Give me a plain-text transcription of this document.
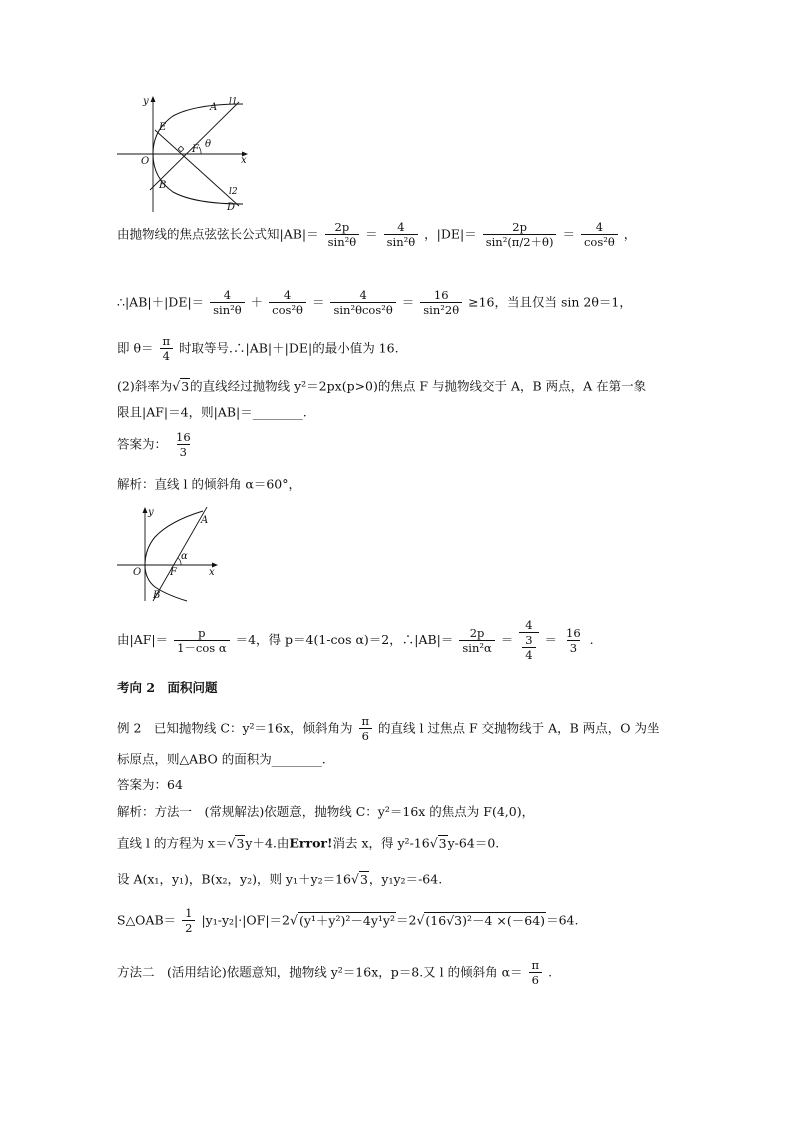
y
x
O
A l1
E
F θ
B
l2
D
由抛物线的焦点弦弦长公式知$|AB|= \frac{2p}{\text{sin²θ}} = \frac{4}{\text{sin²θ}}$ ，$|DE|= \frac{2p}{\text{sin²(π/2＋θ)}} = \frac{4}{\text{cos²θ}}$ ，
∴|AB|＋|DE|＝ $\frac{4}{\text{sin²θ}} + \frac{4}{\text{cos²θ}} = \frac{4}{\text{sin²θcos²θ}} = \frac{16}{\text{sin²2θ}} \ge 16$，当且仅当 sin 2θ＝1，
即 $\theta= \frac{\pi}{4}$ 时取等号.∴|AB|＋|DE|的最小值为 16.
(2)斜率为√3的直线经过抛物线 y²＝2px(p>0)的焦点 F 与抛物线交于 A，B 两点，A 在第一象
限且|AF|＝4，则|AB|＝________.
答案为： $\frac{16}{3}$
解析：直线 l 的倾斜角 α＝60°，
y
x
O
A
F
α
B
由$|AF|= \frac{p}{\text{1－cos α}} =4$，得 p＝4(1-cos α)＝2，∴|AB|＝ $\frac{2p}{\text{sin²α}} = \frac{4}{\frac{3}{4}} = \frac{16}{3}$ .
考向 2　面积问题
例 2　已知抛物线 C：y²＝16x，倾斜角为 $\frac{\pi}{6}$ 的直线 l 过焦点 F 交抛物线于 A，B 两点，O 为坐
标原点，则△ABO 的面积为________.
答案为：64
解析：方法一　(常规解法)依题意，抛物线 C：y²＝16x 的焦点为 F(4,0)，
直线 l 的方程为 x＝√3y＋4.由Error!消去 x，得 y²-16√3y-64＝0.
设 A(x₁，y₁)，B(x₂，y₂)，则 y₁＋y₂＝16√3，y₁y₂＝-64.
S△OAB＝ $\frac{1}{2} |y_1-y_2|\cdot|OF|=2√(y^1+y^2)^2-4y^1y^2=2√(16√3)^2-4 \times(-64)=64$.
方法二　(活用结论)依题意知，抛物线 y²＝16x，p＝8.又 l 的倾斜角 $\alpha= \frac{\pi}{6}$ .
